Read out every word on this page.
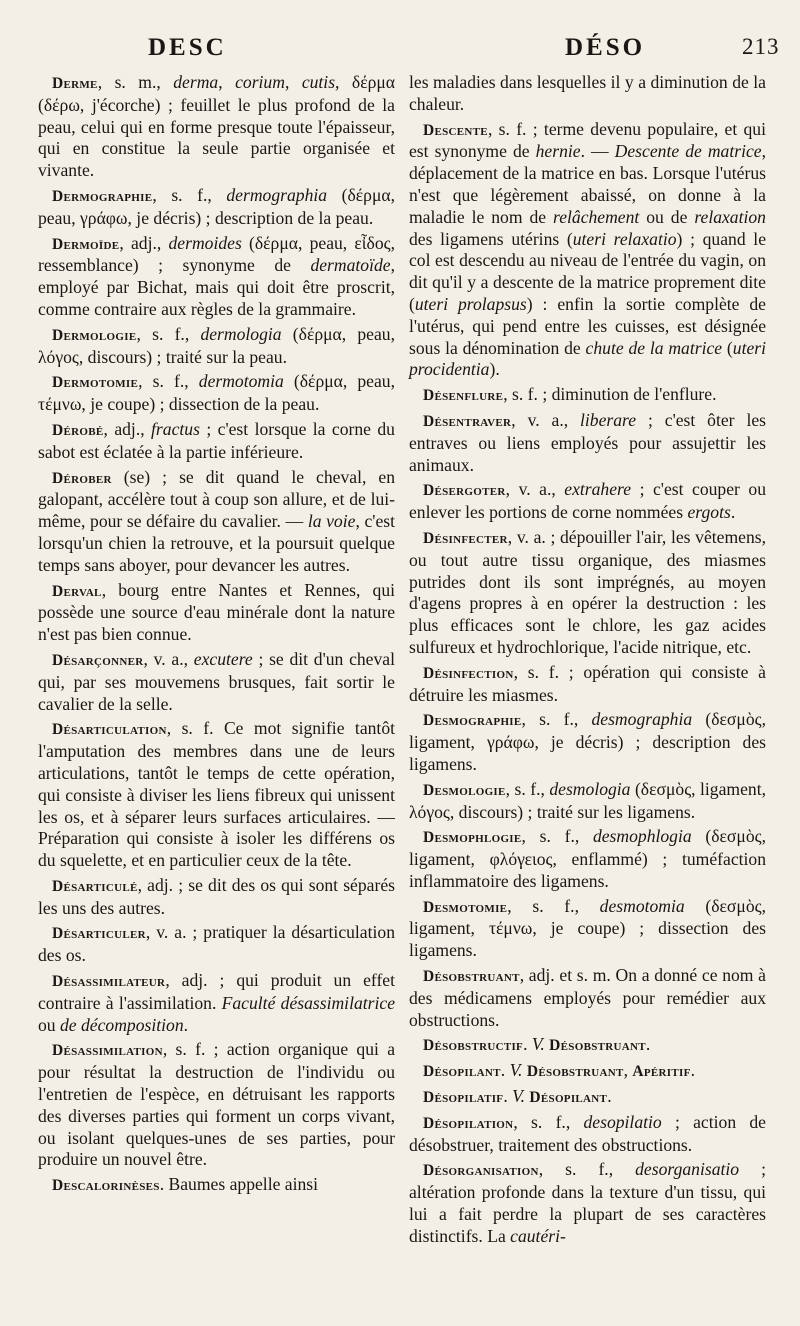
DESC	DÉSO	213

Derme, s. m., derma, corium, cutis, δέρμα (δέρω, j'écorche) ; feuillet le plus profond de la peau, celui qui en forme presque toute l'épaisseur, qui en constitue la seule partie organisée et vivante.

Dermographie, s. f., dermographia (δέρμα, peau, γράφω, je décris) ; description de la peau.

Dermoïde, adj., dermoides (δέρμα, peau, εἶδος, ressemblance) ; synonyme de dermatoïde, employé par Bichat, mais qui doit être proscrit, comme contraire aux règles de la grammaire.

Dermologie, s. f., dermologia (δέρμα, peau, λόγος, discours) ; traité sur la peau.

Dermotomie, s. f., dermotomia (δέρμα, peau, τέμνω, je coupe) ; dissection de la peau.

Dérobé, adj., fractus ; c'est lorsque la corne du sabot est éclatée à la partie inférieure.

Dérober (se) ; se dit quand le cheval, en galopant, accélère tout à coup son allure, et de lui-même, pour se défaire du cavalier. — la voie, c'est lorsqu'un chien la retrouve, et la poursuit quelque temps sans aboyer, pour devancer les autres.

Derval, bourg entre Nantes et Rennes, qui possède une source d'eau minérale dont la nature n'est pas bien connue.

Désarçonner, v. a., excutere ; se dit d'un cheval qui, par ses mouvemens brusques, fait sortir le cavalier de la selle.

Désarticulation, s. f. Ce mot signifie tantôt l'amputation des membres dans une de leurs articulations, tantôt le temps de cette opération, qui consiste à diviser les liens fibreux qui unissent les os, et à séparer leurs surfaces articulaires. — Préparation qui consiste à isoler les différens os du squelette, et en particulier ceux de la tête.

Désarticulé, adj. ; se dit des os qui sont séparés les uns des autres.

Désarticuler, v. a. ; pratiquer la désarticulation des os.

Désassimilateur, adj. ; qui produit un effet contraire à l'assimilation. Faculté désassimilatrice ou de décomposition.

Désassimilation, s. f. ; action organique qui a pour résultat la destruction de l'individu ou l'entretien de l'espèce, en détruisant les rapports des diverses parties qui forment un corps vivant, ou isolant quelques-unes de ses parties, pour produire un nouvel être.

Descalorinèses. Baumes appelle ainsi

les maladies dans lesquelles il y a diminution de la chaleur.

Descente, s. f. ; terme devenu populaire, et qui est synonyme de hernie. — Descente de matrice, déplacement de la matrice en bas. Lorsque l'utérus n'est que légèrement abaissé, on donne à la maladie le nom de relâchement ou de relaxation des ligamens utérins (uteri relaxatio) ; quand le col est descendu au niveau de l'entrée du vagin, on dit qu'il y a descente de la matrice proprement dite (uteri prolapsus) : enfin la sortie complète de l'utérus, qui pend entre les cuisses, est désignée sous la dénomination de chute de la matrice (uteri procidentia).

Désenflure, s. f. ; diminution de l'enflure.

Désentraver, v. a., liberare ; c'est ôter les entraves ou liens employés pour assujettir les animaux.

Désergoter, v. a., extrahere ; c'est couper ou enlever les portions de corne nommées ergots.

Désinfecter, v. a. ; dépouiller l'air, les vêtemens, ou tout autre tissu organique, des miasmes putrides dont ils sont imprégnés, au moyen d'agens propres à en opérer la destruction : les plus efficaces sont le chlore, les gaz acides sulfureux et hydrochlorique, l'acide nitrique, etc.

Désinfection, s. f. ; opération qui consiste à détruire les miasmes.

Desmographie, s. f., desmographia (δεσμὸς, ligament, γράφω, je décris) ; description des ligamens.

Desmologie, s. f., desmologia (δεσμὸς, ligament, λόγος, discours) ; traité sur les ligamens.

Desmophlogie, s. f., desmophlogia (δεσμὸς, ligament, φλόγειος, enflammé) ; tuméfaction inflammatoire des ligamens.

Desmotomie, s. f., desmotomia (δεσμὸς, ligament, τέμνω, je coupe) ; dissection des ligamens.

Désobstruant, adj. et s. m. On a donné ce nom à des médicamens employés pour remédier aux obstructions.

Désobstructif. V. Désobstruant.

Désopilant. V. Désobstruant, Apéritif.

Désopilatif. V. Désopilant.

Désopilation, s. f., desopilatio ; action de désobstruer, traitement des obstructions.

Désorganisation, s. f., desorganisatio ; altération profonde dans la texture d'un tissu, qui lui a fait perdre la plupart de ses caractères distinctifs. La cautéri-
